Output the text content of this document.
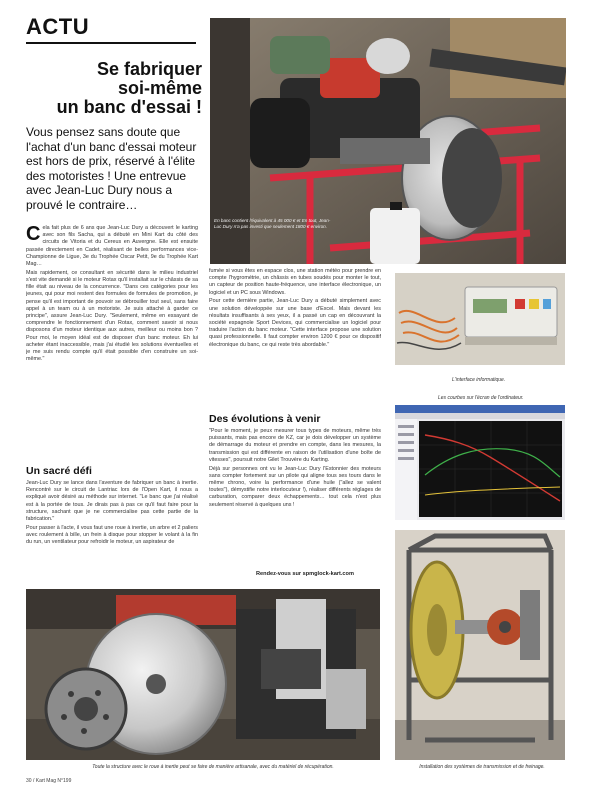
ACTU
Se fabriquer
soi-même
un banc d'essai !
Vous pensez sans doute que l'achat d'un banc d'essai moteur est hors de prix, réservé à l'élite des motoristes ! Une entrevue avec Jean-Luc Dury nous a prouvé le contraire…
En banc contient l'équivalent à 45 000 € et En tout, Jean-Luc Dury n'a pas investi que seulement 1800 € environ.
C ela fait plus de 6 ans que Jean-Luc Dury a découvert le karting avec son fils Sacha, qui a débuté en Mini Kart du côté des circuits de Vitoria et du Cereus en Auvergne. Elle est ensuite passée directement en Cadet, réalisant de belles performances vice-Championne de Ligue, 3e du Trophée Oscar Petit, 9e du Trophée Kart Mag…

Mais rapidement, ce consultant en sécurité dans le milieu industriel s'est vite demandé si le moteur Rotax qu'il installait sur le châssis de sa fille était au niveau de la concurrence. "Dans ces catégories pour les jeunes, qui pour moi restent des formules de formules de promotion, je pense qu'il est important de pouvoir se débrouiller tout seul, sans faire appel à un team ou à un motoriste. Je suis attaché à garder ce principe", assure Jean-Luc Dury. "Seulement, même en essayant de comprendre le fonctionnement d'un Rotax, comment savoir si nous disposons d'un moteur identique aux autres, meilleur ou moins bon ? Pour moi, le moyen idéal est de disposer d'un banc moteur. Eh lui acheter étant inaccessible, mais j'ai étudié les solutions éventuelles et je me suis rendu compte qu'il était possible d'en construire un soi-même."

Un sacré défi

Jean-Luc Dury se lance dans l'aventure de fabriquer un banc à inertie. Rencontré sur le circuit de Lantriac lors de l'Open Kart, il nous a expliqué avoir désiré au méthode sur internet. "Le banc que j'ai réalisé est à la portée de tous. Je dirais pas à pas ce qu'il faut faire pour la structure, sachant que je ne commercialise pas cette partie de la fabrication."

Pour passer à l'acte, il vous faut une roue à inertie, un arbre et 2 paliers avec roulement à bille, un frein à disque pour stopper le volant à la fin du run, un ventilateur pour refroidir le moteur, un aspirateur de

fumée si vous êtes en espace clos, une station météo pour prendre en compte l'hygrométrie, un châssis en tubes soudés pour monter le tout, un capteur de position haute-fréquence, une interface électronique, un logiciel et un PC sous Windows.

Pour cette dernière partie, Jean-Luc Dury a débuté simplement avec une solution développée sur une base d'Excel. Mais devant les résultats insuffisants à ses yeux, il a passé un cap en découvrant la société espagnole Sport Devices, qui commercialise un logiciel pour traduire l'action du banc moteur. "Cette interface propose une solution quasi professionnelle. Il faut compter environ 1200 € pour ce dispositif électronique du banc, ce qui reste très abordable."

Des évolutions à venir

"Pour le moment, je peux mesurer tous types de moteurs, même très puissants, mais pas encore de KZ, car je dois développer un système de démarrage du moteur et prendre en compte, dans les mesures, la transmission qui est différente en raison de l'utilisation d'une boîte de vitesses", poursuit notre Gilet Trouvère du Karting.

Déjà sur personnes ont vu le Jean-Luc Dury l'Estonnier des moteurs sans compter fortement sur un pilote qui aligne tous ses tours dans le même chrono, voire la performance d'une huile ("allez se valent toutes"), démystifie notre interlocuteur !), réaliser différents réglages de carburation, comparer deux échappements… tout cela n'est plus seulement réservé à quelques uns !

Rendez-vous sur spmglock-kart.com
L'interface informatique.
Les courbes sur l'écran de l'ordinateur.
Toute la structure avec le roue à inertie peut se faire de manière artisanale, avec du matériel de récupération.	Installation des systèmes de transmission et de freinage.
30 / Kart Mag N°199
